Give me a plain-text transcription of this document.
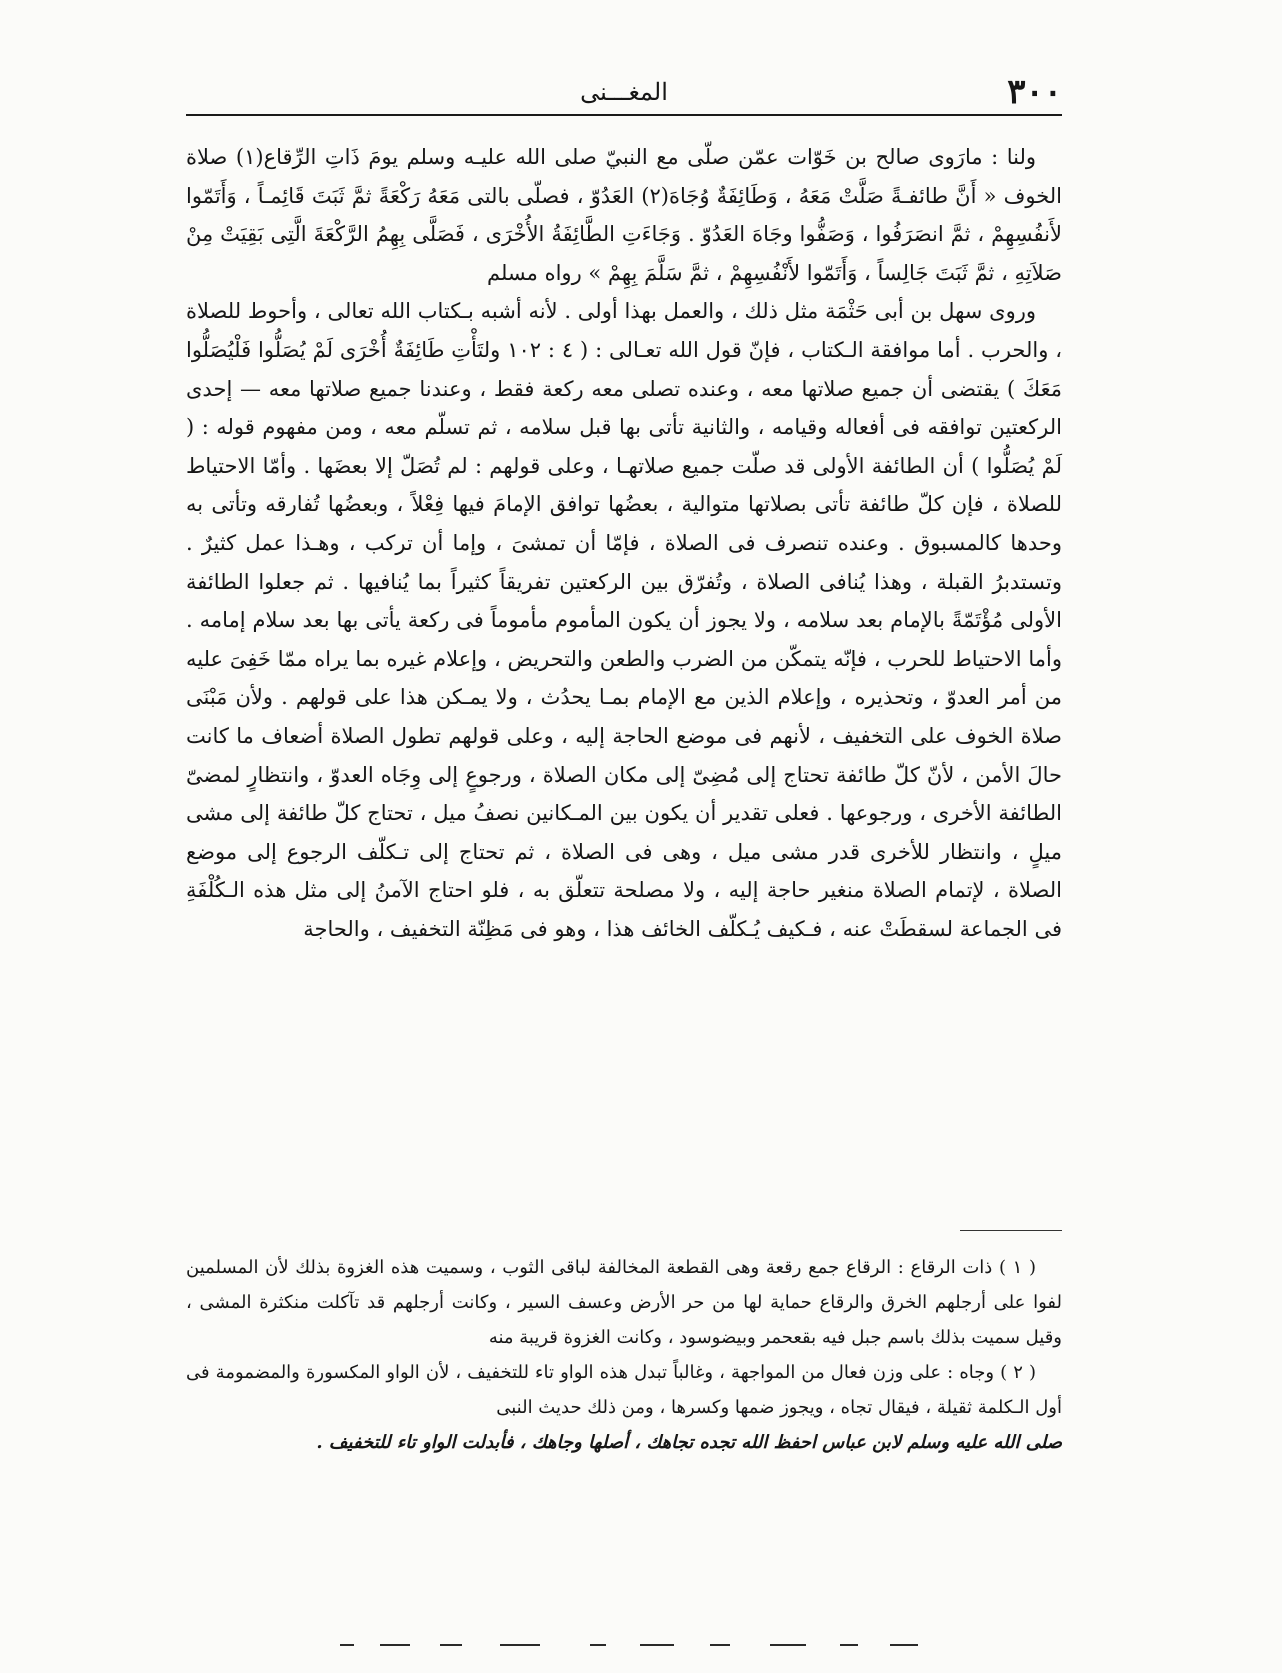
٣٠٠
المغـــنى

ولنا : مارَوى صالح بن خَوّات عمّن صلّى مع النبيّ صلى الله عليـه وسلم يومَ ذَاتِ الرِّقاع(١) صلاة الخوف « أَنَّ طائفـةً صَلَّتْ مَعَهُ ، وَطَائِفَةٌ وُجَاهَ(٢) العَدُوّ ، فصلّى بالتى مَعَهُ رَكْعَةً ثمَّ ثَبَتَ قَائِمـاً ، وَأَتَمّوا لأَنفُسِهِمْ ، ثمَّ انصَرَفُوا ، وَصَفُّوا وجَاهَ العَدُوّ . وَجَاءَتِ الطَّائِفَةُ الأُخْرَى ، فَصَلَّى بِهِمُ الرَّكْعَةَ الَّتِى بَقِيَتْ مِنْ صَلاَتِهِ ، ثمَّ ثَبَتَ جَالِساً ، وَأَتَمّوا لأَنْفُسِهِمْ ، ثمَّ سَلَّمَ بِهِمْ » رواه مسلم

وروى سهل بن أبى حَثْمَة مثل ذلك ، والعمل بهذا أولى . لأنه أشبه بـكتاب الله تعالى ، وأحوط للصلاة ، والحرب . أما موافقة الـكتاب ، فإنّ قول الله تعـالى : ( ٤ : ١٠٢ ولتَأْتِ طَائِفَةٌ أُخْرَى لَمْ يُصَلُّوا فَلْيُصَلُّوا مَعَكَ ) يقتضى أن جميع صلاتها معه ، وعنده تصلى معه ركعة فقط ، وعندنا جميع صلاتها معه — إحدى الركعتين توافقه فى أفعاله وقيامه ، والثانية تأتى بها قبل سلامه ، ثم تسلّم معه ، ومن مفهوم قوله : ( لَمْ يُصَلُّوا ) أن الطائفة الأولى قد صلّت جميع صلاتهـا ، وعلى قولهم : لم تُصَلّ إلا بعضَها . وأمّا الاحتياط للصلاة ، فإن كلّ طائفة تأتى بصلاتها متوالية ، بعضُها توافق الإمامَ فيها فِعْلاً ، وبعضُها تُفارقه وتأتى به وحدها كالمسبوق . وعنده تنصرف فى الصلاة ، فإمّا أن تمشىَ ، وإما أن تركب ، وهـذا عمل كثيرٌ . وتستدبرُ القبلة ، وهذا يُنافى الصلاة ، وتُفرّق بين الركعتين تفريقاً كثيراً بما يُنافيها . ثم جعلوا الطائفة الأولى مُؤْتَمّةً بالإمام بعد سلامه ، ولا يجوز أن يكون المأموم مأموماً فى ركعة يأتى بها بعد سلام إمامه . وأما الاحتياط للحرب ، فإنّه يتمكّن من الضرب والطعن والتحريض ، وإعلام غيره بما يراه ممّا خَفِىَ عليه من أمر العدوّ ، وتحذيره ، وإعلام الذين مع الإمام بمـا يحدُث ، ولا يمـكن هذا على قولهم . ولأن مَبْنَى صلاة الخوف على التخفيف ، لأنهم فى موضع الحاجة إليه ، وعلى قولهم تطول الصلاة أضعاف ما كانت حالَ الأمن ، لأنّ كلّ طائفة تحتاج إلى مُضِىّ إلى مكان الصلاة ، ورجوعٍ إلى وِجَاه العدوّ ، وانتظارٍ لمضىّ الطائفة الأخرى ، ورجوعها . فعلى تقدير أن يكون بين المـكانين نصفُ ميل ، تحتاج كلّ طائفة إلى مشى ميلٍ ، وانتظار للأخرى قدر مشى ميل ، وهى فى الصلاة ، ثم تحتاج إلى تـكلّف الرجوع إلى موضع الصلاة ، لإتمام الصلاة منغير حاجة إليه ، ولا مصلحة تتعلّق به ، فلو احتاج الآمنُ إلى مثل هذه الـكُلْفَةِ فى الجماعة لسقطَتْ عنه ، فـكيف يُـكلّف الخائف هذا ، وهو فى مَظِنّة التخفيف ، والحاجة

( ١ ) ذات الرقاع : الرقاع جمع رقعة وهى القطعة المخالفة لباقى الثوب ، وسميت هذه الغزوة بذلك لأن المسلمين لفوا على أرجلهم الخرق والرقاع حماية لها من حر الأرض وعسف السير ، وكانت أرجلهم قد تآكلت منكثرة المشى ، وقيل سميت بذلك باسم جبل فيه بقعحمر وبيضوسود ، وكانت الغزوة قريبة منه

( ٢ ) وجاه : على وزن فعال من المواجهة ، وغالباً تبدل هذه الواو تاء للتخفيف ، لأن الواو المكسورة والمضمومة فى أول الـكلمة ثقيلة ، فيقال تجاه ، ويجوز ضمها وكسرها ، ومن ذلك حديث النبى

صلى الله عليه وسلم لابن عباس احفظ الله تجده تجاهك ، أصلها وجاهك ، فأبدلت الواو تاء للتخفيف .
